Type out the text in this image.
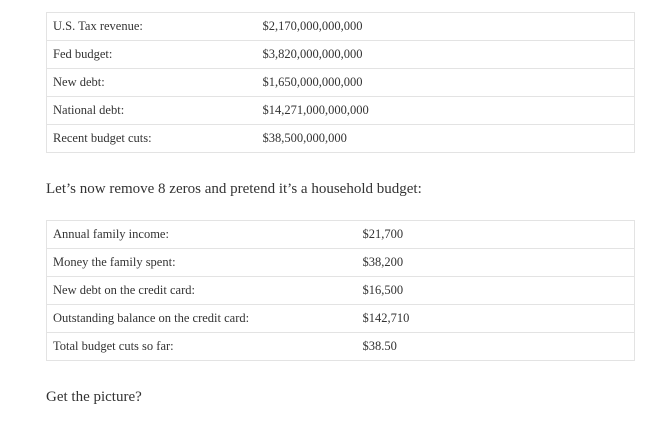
U.S. Tax revenue:	$2,170,000,000,000
Fed budget:	$3,820,000,000,000
New debt:	$1,650,000,000,000
National debt:	$14,271,000,000,000
Recent budget cuts:	$38,500,000,000

Let’s now remove 8 zeros and pretend it’s a household budget:

Annual family income:	$21,700
Money the family spent:	$38,200
New debt on the credit card:	$16,500
Outstanding balance on the credit card:	$142,710
Total budget cuts so far:	$38.50

Get the picture?
